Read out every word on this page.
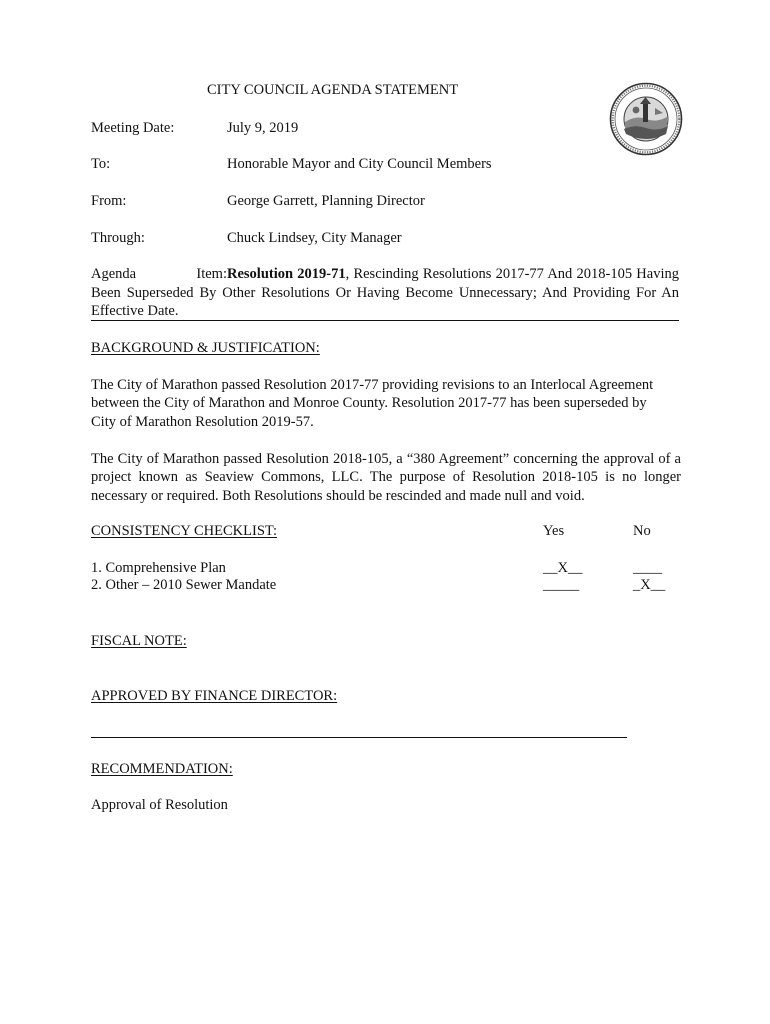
CITY COUNCIL AGENDA STATEMENT
Meeting Date:	July 9, 2019
To:	Honorable Mayor and City Council Members
From:	George Garrett, Planning Director
Through:	Chuck Lindsey, City Manager
Agenda Item:Resolution 2019-71, Rescinding Resolutions 2017-77 And 2018-105 Having
Been Superseded By Other Resolutions Or Having Become Unnecessary; And Providing For An
Effective Date.
BACKGROUND & JUSTIFICATION:
The City of Marathon passed Resolution 2017-77 providing revisions to an Interlocal Agreement
between the City of Marathon and Monroe County. Resolution 2017-77 has been superseded by
City of Marathon Resolution 2019-57.
The City of Marathon passed Resolution 2018-105, a “380 Agreement” concerning the approval of a
project known as Seaview Commons, LLC. The purpose of Resolution 2018-105 is no longer
necessary or required. Both Resolutions should be rescinded and made null and void.
CONSISTENCY CHECKLIST:	Yes	No
1. Comprehensive Plan	__X__	____
2. Other – 2010 Sewer Mandate	_____	_X__
FISCAL NOTE:
APPROVED BY FINANCE DIRECTOR:
RECOMMENDATION:
Approval of Resolution
